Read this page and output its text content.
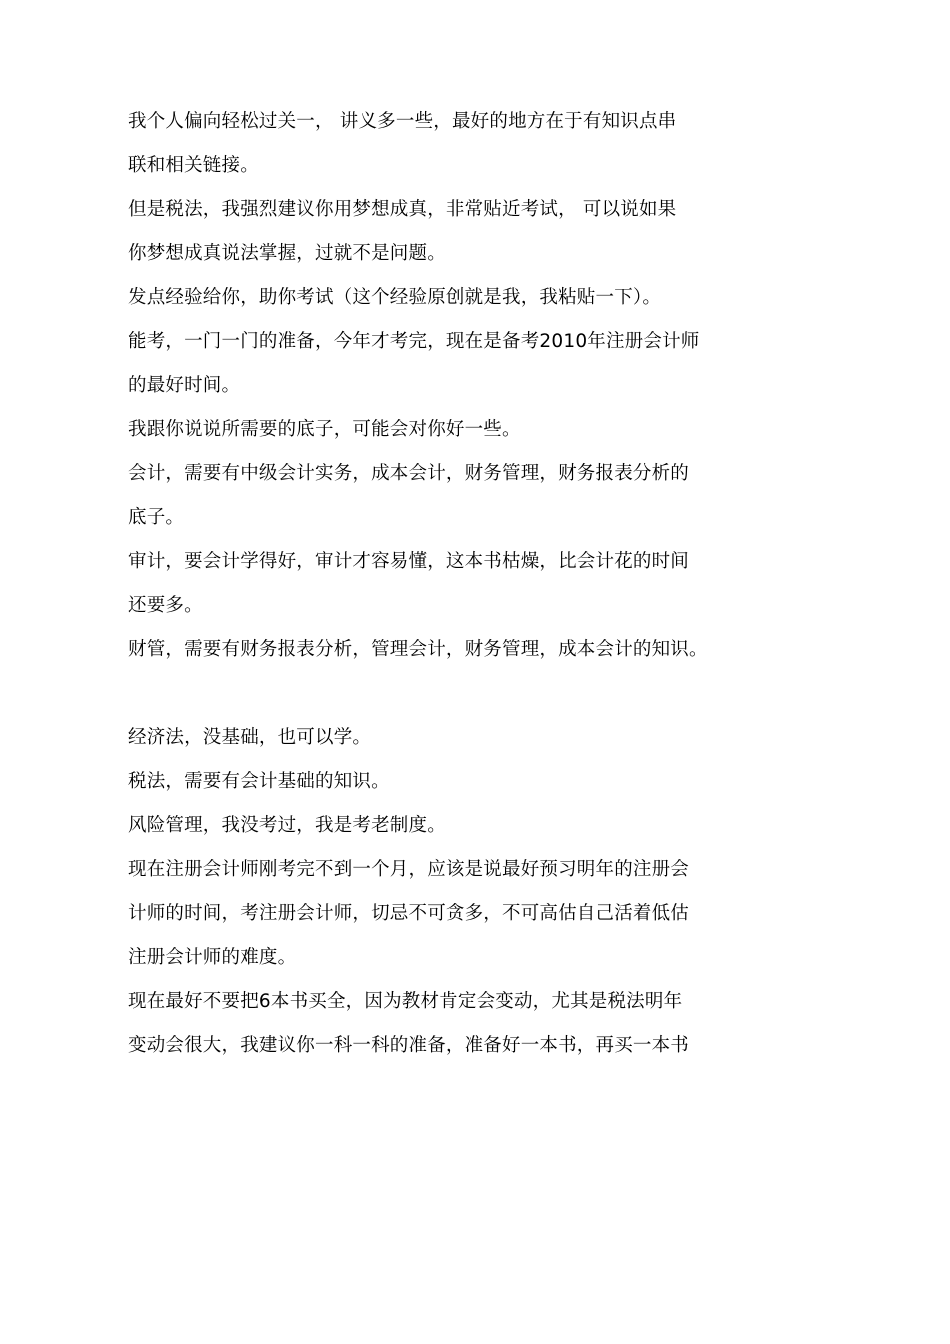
我个人偏向轻松过关一， 讲义多一些，最好的地方在于有知识点串
联和相关链接。

但是税法，我强烈建议你用梦想成真，非常贴近考试， 可以说如果
你梦想成真说法掌握，过就不是问题。

发点经验给你，助你考试（这个经验原创就是我，我粘贴一下）。

能考，一门一门的准备，今年才考完，现在是备考2010年注册会计师
的最好时间。

我跟你说说所需要的底子，可能会对你好一些。

会计，需要有中级会计实务，成本会计，财务管理，财务报表分析的
底子。

审计，要会计学得好，审计才容易懂，这本书枯燥，比会计花的时间
还要多。

财管，需要有财务报表分析，管理会计，财务管理，成本会计的知识。

经济法，没基础，也可以学。

税法，需要有会计基础的知识。

风险管理，我没考过，我是考老制度。

现在注册会计师刚考完不到一个月，应该是说最好预习明年的注册会
计师的时间，考注册会计师，切忌不可贪多，不可高估自己活着低估
注册会计师的难度。

现在最好不要把6本书买全，因为教材肯定会变动，尤其是税法明年
变动会很大，我建议你一科一科的准备，准备好一本书，再买一本书
